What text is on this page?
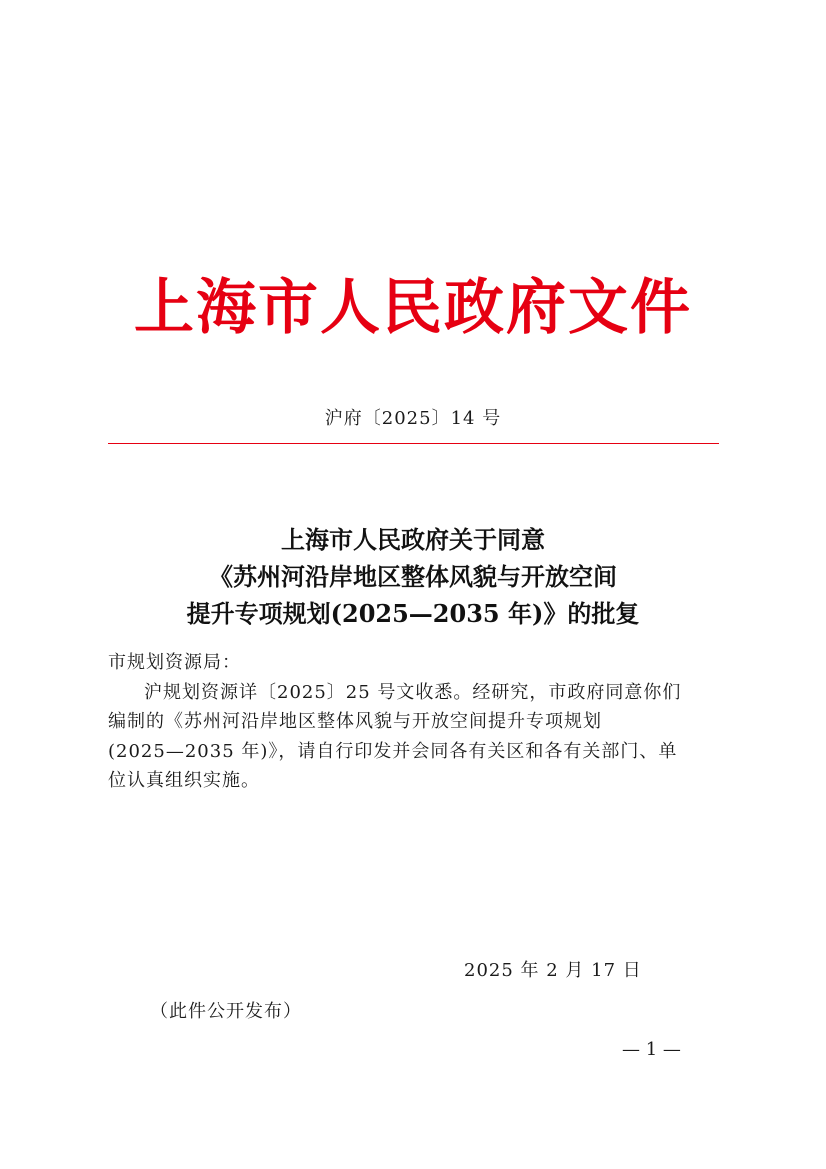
上海市人民政府文件
沪府〔2025〕14 号
上海市人民政府关于同意
《苏州河沿岸地区整体风貌与开放空间
提升专项规划(2025—2035 年)》的批复
市规划资源局：
沪规划资源详〔2025〕25 号文收悉。经研究，市政府同意你们
编制的《苏州河沿岸地区整体风貌与开放空间提升专项规划
(2025—2035 年)》，请自行印发并会同各有关区和各有关部门、单
位认真组织实施。
2025 年 2 月 17 日
（此件公开发布）
— 1 —
